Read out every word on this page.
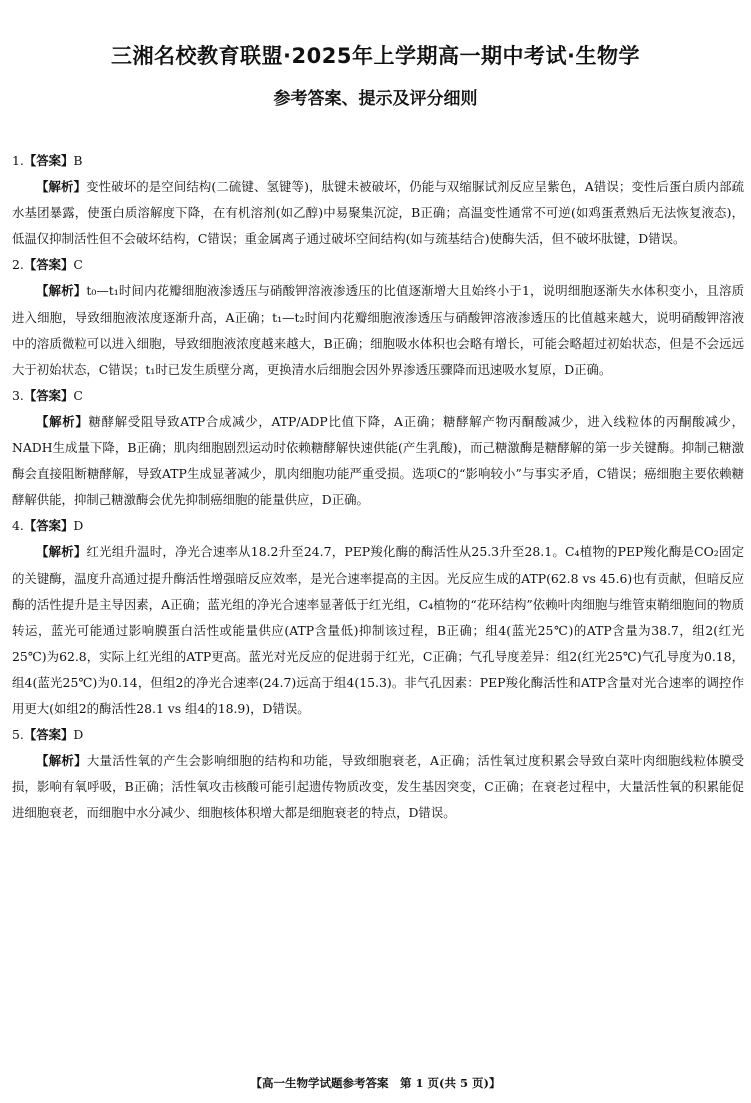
三湘名校教育联盟·2025年上学期高一期中考试·生物学
参考答案、提示及评分细则

1.【答案】B

【解析】变性破坏的是空间结构(二硫键、氢键等)，肽键未被破坏，仍能与双缩脲试剂反应呈紫色，A错误；变性后蛋白质内部疏水基团暴露，使蛋白质溶解度下降，在有机溶剂(如乙醇)中易聚集沉淀，B正确；高温变性通常不可逆(如鸡蛋煮熟后无法恢复液态)，低温仅抑制活性但不会破坏结构，C错误；重金属离子通过破坏空间结构(如与巯基结合)使酶失活，但不破坏肽键，D错误。

2.【答案】C

【解析】t₀—t₁时间内花瓣细胞液渗透压与硝酸钾溶液渗透压的比值逐渐增大且始终小于1，说明细胞逐渐失水体积变小，且溶质进入细胞，导致细胞液浓度逐渐升高，A正确；t₁—t₂时间内花瓣细胞液渗透压与硝酸钾溶液渗透压的比值越来越大，说明硝酸钾溶液中的溶质微粒可以进入细胞，导致细胞液浓度越来越大，B正确；细胞吸水体积也会略有增长，可能会略超过初始状态，但是不会远远大于初始状态，C错误；t₁时已发生质壁分离，更换清水后细胞会因外界渗透压骤降而迅速吸水复原，D正确。

3.【答案】C

【解析】糖酵解受阻导致ATP合成减少，ATP/ADP比值下降，A正确；糖酵解产物丙酮酸减少，进入线粒体的丙酮酸减少，NADH生成量下降，B正确；肌肉细胞剧烈运动时依赖糖酵解快速供能(产生乳酸)，而己糖激酶是糖酵解的第一步关键酶。抑制己糖激酶会直接阻断糖酵解，导致ATP生成显著减少，肌肉细胞功能严重受损。选项C的“影响较小”与事实矛盾，C错误；癌细胞主要依赖糖酵解供能，抑制己糖激酶会优先抑制癌细胞的能量供应，D正确。

4.【答案】D

【解析】红光组升温时，净光合速率从18.2升至24.7，PEP羧化酶的酶活性从25.3升至28.1。C₄植物的PEP羧化酶是CO₂固定的关键酶，温度升高通过提升酶活性增强暗反应效率，是光合速率提高的主因。光反应生成的ATP(62.8 vs 45.6)也有贡献，但暗反应酶的活性提升是主导因素，A正确；蓝光组的净光合速率显著低于红光组，C₄植物的“花环结构”依赖叶肉细胞与维管束鞘细胞间的物质转运，蓝光可能通过影响膜蛋白活性或能量供应(ATP含量低)抑制该过程，B正确；组4(蓝光25℃)的ATP含量为38.7，组2(红光25℃)为62.8，实际上红光组的ATP更高。蓝光对光反应的促进弱于红光，C正确；气孔导度差异：组2(红光25℃)气孔导度为0.18，组4(蓝光25℃)为0.14，但组2的净光合速率(24.7)远高于组4(15.3)。非气孔因素：PEP羧化酶活性和ATP含量对光合速率的调控作用更大(如组2的酶活性28.1 vs 组4的18.9)，D错误。

5.【答案】D

【解析】大量活性氧的产生会影响细胞的结构和功能，导致细胞衰老，A正确；活性氧过度积累会导致白菜叶肉细胞线粒体膜受损，影响有氧呼吸，B正确；活性氧攻击核酸可能引起遗传物质改变，发生基因突变，C正确；在衰老过程中，大量活性氧的积累能促进细胞衰老，而细胞中水分减少、细胞核体积增大都是细胞衰老的特点，D错误。

【高一生物学试题参考答案　第 1 页(共 5 页)】
